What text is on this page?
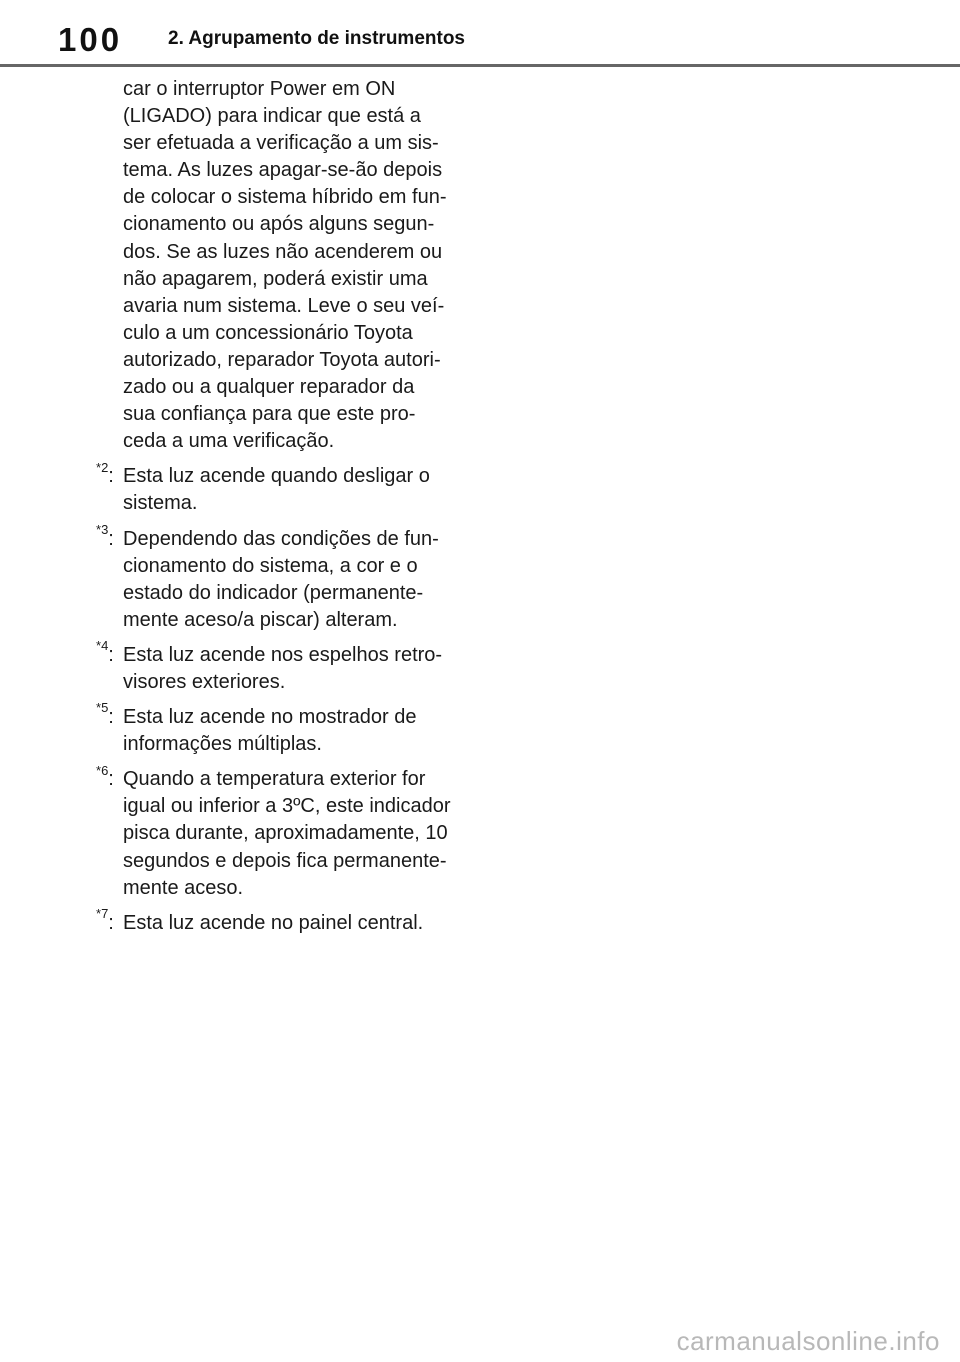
100 2. Agrupamento de instrumentos
car o interruptor Power em ON
(LIGADO) para indicar que está a
ser efetuada a verificação a um sis-
tema. As luzes apagar-se-ão depois
de colocar o sistema híbrido em fun-
cionamento ou após alguns segun-
dos. Se as luzes não acenderem ou
não apagarem, poderá existir uma
avaria num sistema. Leve o seu veí-
culo a um concessionário Toyota
autorizado, reparador Toyota autori-
zado ou a qualquer reparador da
sua confiança para que este pro-
ceda a uma verificação.
$^{*2}$: Esta luz acende quando desligar o
sistema.
$^{*3}$: Dependendo das condições de fun-
cionamento do sistema, a cor e o
estado do indicador (permanente-
mente aceso/a piscar) alteram.
$^{*4}$: Esta luz acende nos espelhos retro-
visores exteriores.
$^{*5}$: Esta luz acende no mostrador de
informações múltiplas.
$^{*6}$: Quando a temperatura exterior for
igual ou inferior a 3ºC, este indicador
pisca durante, aproximadamente, 10
segundos e depois fica permanente-
mente aceso.
$^{*7}$: Esta luz acende no painel central.
carmanualsonline.info
